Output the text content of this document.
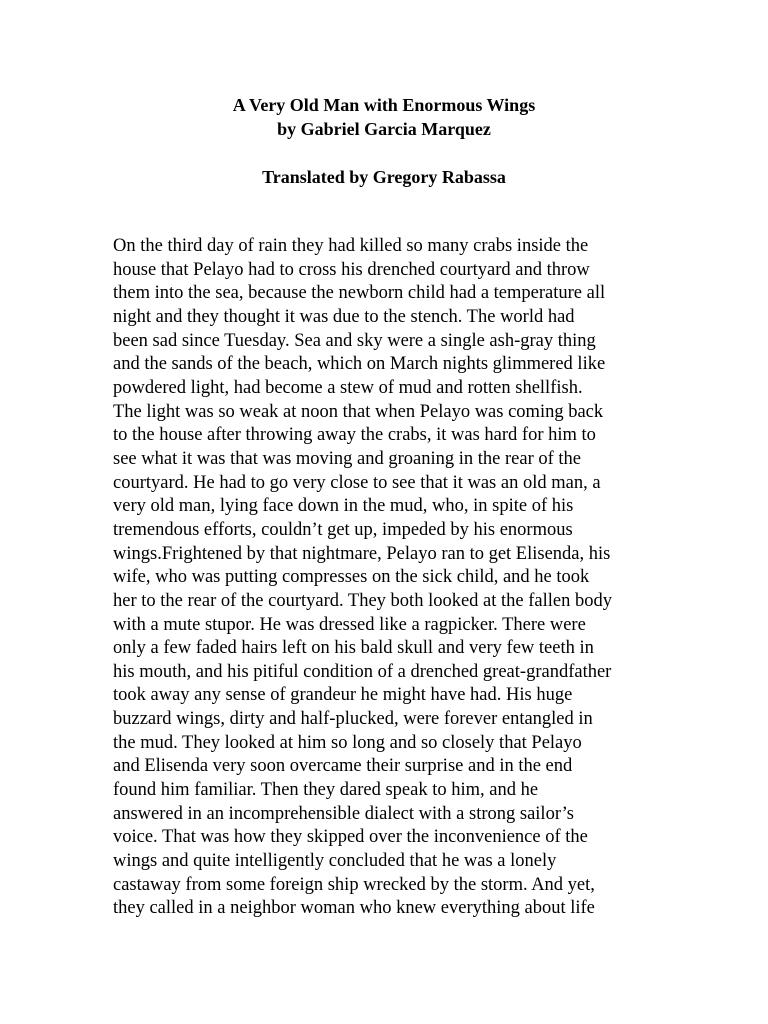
A Very Old Man with Enormous Wings
by Gabriel Garcia Marquez
Translated by Gregory Rabassa
On the third day of rain they had killed so many crabs inside the
house that Pelayo had to cross his drenched courtyard and throw
them into the sea, because the newborn child had a temperature all
night and they thought it was due to the stench. The world had
been sad since Tuesday. Sea and sky were a single ash-gray thing
and the sands of the beach, which on March nights glimmered like
powdered light, had become a stew of mud and rotten shellfish.
The light was so weak at noon that when Pelayo was coming back
to the house after throwing away the crabs, it was hard for him to
see what it was that was moving and groaning in the rear of the
courtyard. He had to go very close to see that it was an old man, a
very old man, lying face down in the mud, who, in spite of his
tremendous efforts, couldn’t get up, impeded by his enormous
wings.Frightened by that nightmare, Pelayo ran to get Elisenda, his
wife, who was putting compresses on the sick child, and he took
her to the rear of the courtyard. They both looked at the fallen body
with a mute stupor. He was dressed like a ragpicker. There were
only a few faded hairs left on his bald skull and very few teeth in
his mouth, and his pitiful condition of a drenched great-grandfather
took away any sense of grandeur he might have had. His huge
buzzard wings, dirty and half-plucked, were forever entangled in
the mud. They looked at him so long and so closely that Pelayo
and Elisenda very soon overcame their surprise and in the end
found him familiar. Then they dared speak to him, and he
answered in an incomprehensible dialect with a strong sailor’s
voice. That was how they skipped over the inconvenience of the
wings and quite intelligently concluded that he was a lonely
castaway from some foreign ship wrecked by the storm. And yet,
they called in a neighbor woman who knew everything about life
